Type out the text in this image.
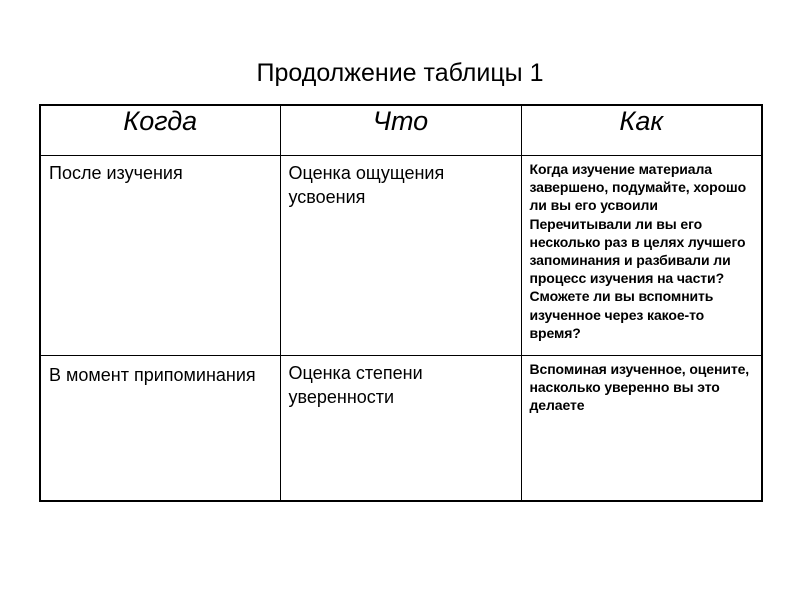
Продолжение таблицы 1
Когда	Что	Как

После изучения	Оценка ощущения усвоения	Когда изучение материала завершено, подумайте, хорошо ли вы его усвоили Перечитывали ли вы его несколько раз в целях лучшего запоминания и разбивали ли процесс изучения на части? Сможете ли вы вспомнить изученное через какое-то время?

В момент припоминания	Оценка степени уверенности	Вспоминая изученное, оцените, насколько уверенно вы это делаете
